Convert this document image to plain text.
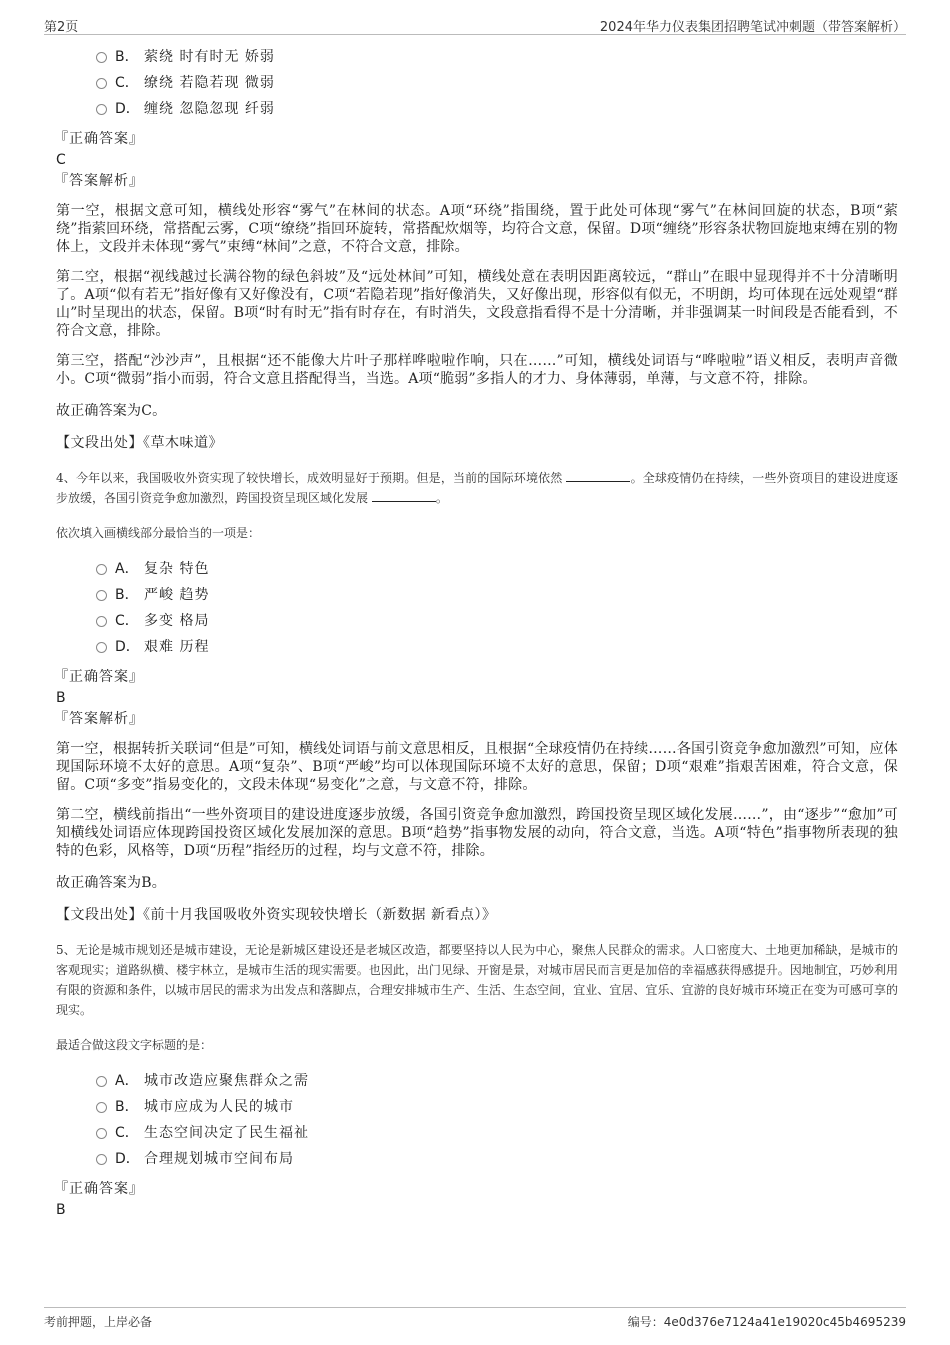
第2页	2024年华力仪表集团招聘笔试冲刺题（带答案解析）
B． 萦绕 时有时无 娇弱
C． 缭绕 若隐若现 微弱
D． 缠绕 忽隐忽现 纤弱
『正确答案』
C
『答案解析』

第一空，根据文意可知，横线处形容“雾气”在林间的状态。A项“环绕”指围绕，置于此处可体现“雾气”在林间回旋的状态，B项“萦绕”指萦回环绕，常搭配云雾，C项“缭绕”指回环旋转，常搭配炊烟等，均符合文意，保留。D项“缠绕”形容条状物回旋地束缚在别的物体上，文段并未体现“雾气”束缚“林间”之意，不符合文意，排除。

第二空，根据“视线越过长满谷物的绿色斜坡”及“远处林间”可知，横线处意在表明因距离较远，“群山”在眼中显现得并不十分清晰明了。A项“似有若无”指好像有又好像没有，C项“若隐若现”指好像消失，又好像出现，形容似有似无，不明朗，均可体现在远处观望“群山”时呈现出的状态，保留。B项“时有时无”指有时存在，有时消失，文段意指看得不是十分清晰，并非强调某一时间段是否能看到，不符合文意，排除。

第三空，搭配“沙沙声”，且根据“还不能像大片叶子那样哗啦啦作响，只在……”可知，横线处词语与“哗啦啦”语义相反，表明声音微小。C项“微弱”指小而弱，符合文意且搭配得当，当选。A项“脆弱”多指人的才力、身体薄弱，单薄，与文意不符，排除。

故正确答案为C。

【文段出处】《草木味道》
4、今年以来，我国吸收外资实现了较快增长，成效明显好于预期。但是，当前的国际环境依然	。全球疫情仍在持续，一些外资项目的建设进度逐步放缓，各国引资竞争愈加激烈，跨国投资呈现区域化发展	。
依次填入画横线部分最恰当的一项是：
A． 复杂 特色
B． 严峻 趋势
C． 多变 格局
D． 艰难 历程
『正确答案』
B
『答案解析』

第一空，根据转折关联词“但是”可知，横线处词语与前文意思相反，且根据“全球疫情仍在持续……各国引资竞争愈加激烈”可知，应体现国际环境不太好的意思。A项“复杂”、B项“严峻”均可以体现国际环境不太好的意思，保留；D项“艰难”指艰苦困难，符合文意，保留。C项“多变”指易变化的，文段未体现“易变化”之意，与文意不符，排除。

第二空，横线前指出“一些外资项目的建设进度逐步放缓，各国引资竞争愈加激烈，跨国投资呈现区域化发展……”，由“逐步”“愈加”可知横线处词语应体现跨国投资区域化发展加深的意思。B项“趋势”指事物发展的动向，符合文意，当选。A项“特色”指事物所表现的独特的色彩，风格等，D项“历程”指经历的过程，均与文意不符，排除。

故正确答案为B。

【文段出处】《前十月我国吸收外资实现较快增长（新数据 新看点）》
5、无论是城市规划还是城市建设，无论是新城区建设还是老城区改造，都要坚持以人民为中心，聚焦人民群众的需求。人口密度大、土地更加稀缺，是城市的客观现实；道路纵横、楼宇林立，是城市生活的现实需要。也因此，出门见绿、开窗是景，对城市居民而言更是加倍的幸福感获得感提升。因地制宜，巧妙利用有限的资源和条件，以城市居民的需求为出发点和落脚点，合理安排城市生产、生活、生态空间，宜业、宜居、宜乐、宜游的良好城市环境正在变为可感可享的现实。
最适合做这段文字标题的是：
A． 城市改造应聚焦群众之需
B． 城市应成为人民的城市
C． 生态空间决定了民生福祉
D． 合理规划城市空间布局
『正确答案』
B
考前押题，上岸必备	编号：4e0d376e7124a41e19020c45b4695239
